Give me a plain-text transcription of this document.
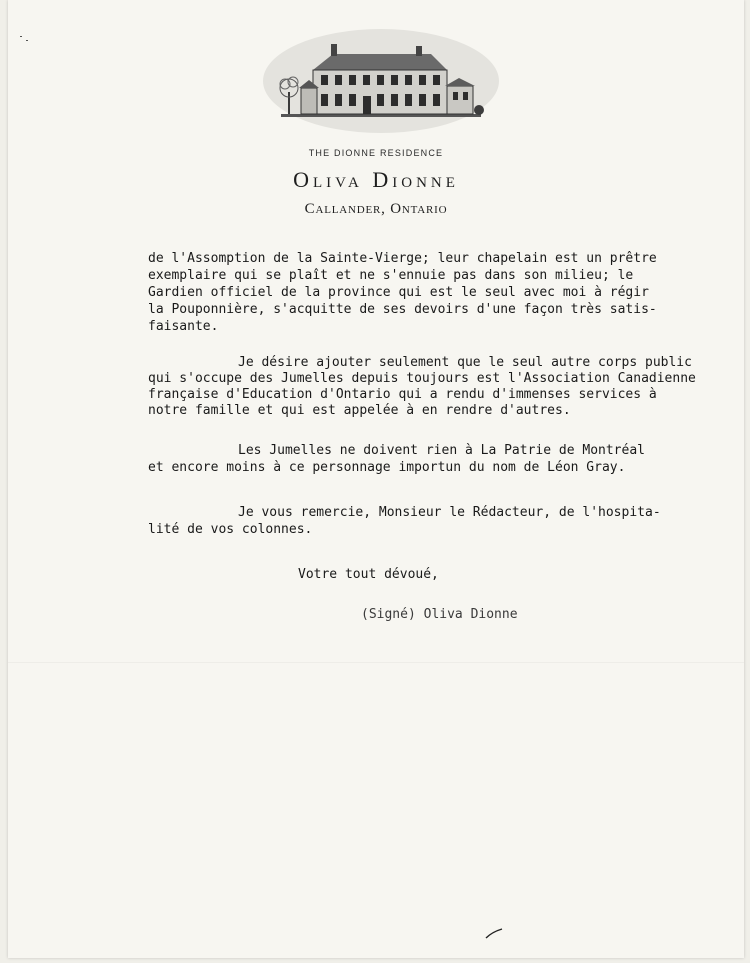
THE DIONNE RESIDENCE
Oliva Dionne
Callander, Ontario
de l'Assomption de la Sainte-Vierge; leur chapelain est un prêtre
exemplaire qui se plaît et ne s'ennuie pas dans son milieu; le
Gardien officiel de la province qui est le seul avec moi à régir
la Pouponnière, s'acquitte de ses devoirs d'une façon très satis-
faisante.
Je désire ajouter seulement que le seul autre corps public
qui s'occupe des Jumelles depuis toujours est l'Association Canadienne
française d'Education d'Ontario qui a rendu d'immenses services à
notre famille et qui est appelée à en rendre d'autres.
Les Jumelles ne doivent rien à La Patrie de Montréal
et encore moins à ce personnage importun du nom de Léon Gray.
Je vous remercie, Monsieur le Rédacteur, de l'hospita-
lité de vos colonnes.
Votre tout dévoué,
(Signé) Oliva Dionne
